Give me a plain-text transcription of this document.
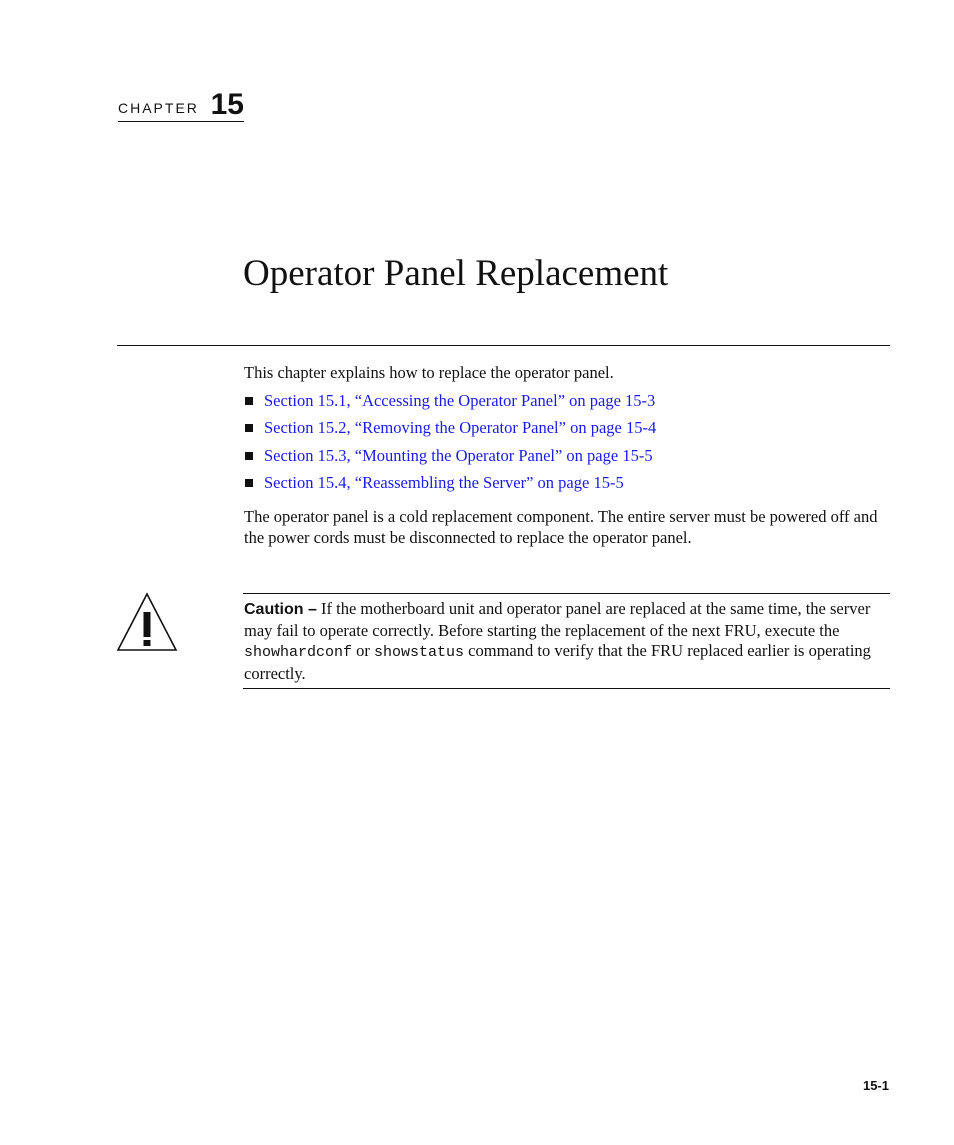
CHAPTER 15
Operator Panel Replacement

This chapter explains how to replace the operator panel.

Section 15.1, “Accessing the Operator Panel” on page 15-3
Section 15.2, “Removing the Operator Panel” on page 15-4
Section 15.3, “Mounting the Operator Panel” on page 15-5
Section 15.4, “Reassembling the Server” on page 15-5

The operator panel is a cold replacement component. The entire server must be powered off and the power cords must be disconnected to replace the operator panel.

Caution – If the motherboard unit and operator panel are replaced at the same time, the server may fail to operate correctly. Before starting the replacement of the next FRU, execute the showhardconf or showstatus command to verify that the FRU replaced earlier is operating correctly.

15-1
